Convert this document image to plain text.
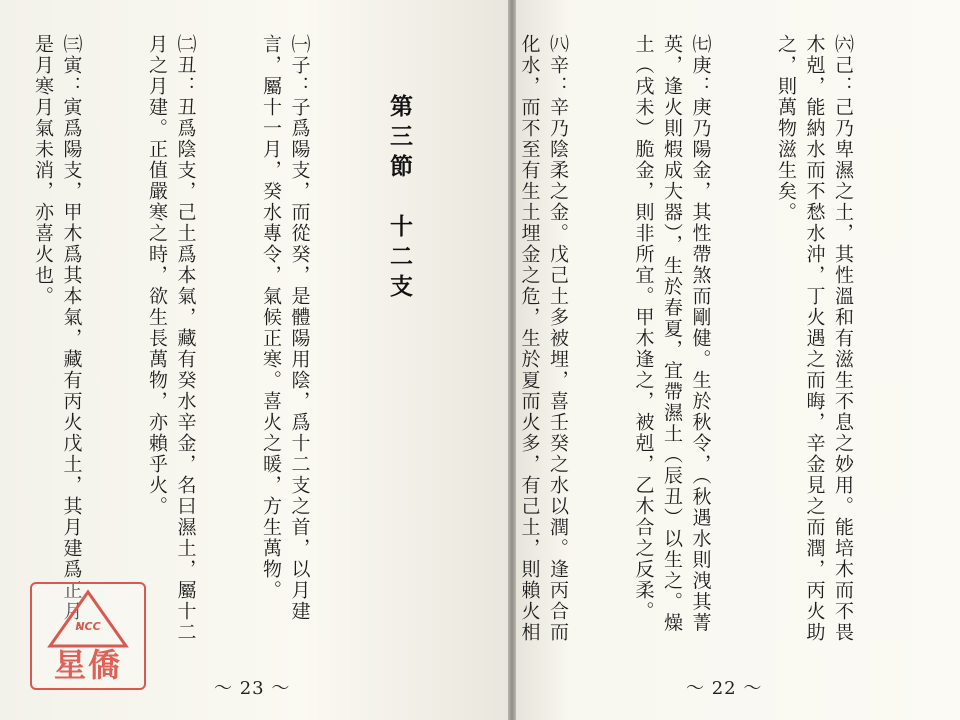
第三節　十二支

㈠子：子爲陽支，而從癸，是體陽用陰，爲十二支之首，以月建言，屬十一月，癸水專令，氣候正寒。喜火之暖，方生萬物。

㈡丑：丑爲陰支，己土爲本氣，藏有癸水辛金，名曰濕土，屬十二月之月建。正值嚴寒之時，欲生長萬物，亦賴乎火。

㈢寅：寅爲陽支，甲木爲其本氣，藏有丙火戊土，其月建爲正月，是月寒月氣未消，亦喜火也。

～ 23 ～

㈥己：己乃卑濕之土，其性溫和有滋生不息之妙用。能培木而不畏木剋，能納水而不愁水沖，丁火遇之而晦，辛金見之而潤，丙火助之，則萬物滋生矣。

㈦庚：庚乃陽金，其性帶煞而剛健。生於秋令，（秋遇水則洩其菁英，逢火則煆成大器），生於春夏，宜帶濕土（辰丑）以生之。燥土（戌未）脆金，則非所宜。甲木逢之，被剋，乙木合之反柔。

㈧辛：辛乃陰柔之金。戊己土多被埋，喜壬癸之水以潤。逢丙合而化水，而不至有生土埋金之危，生於夏而火多，有己土，則賴火相

～ 22 ～
NCC
星僑
